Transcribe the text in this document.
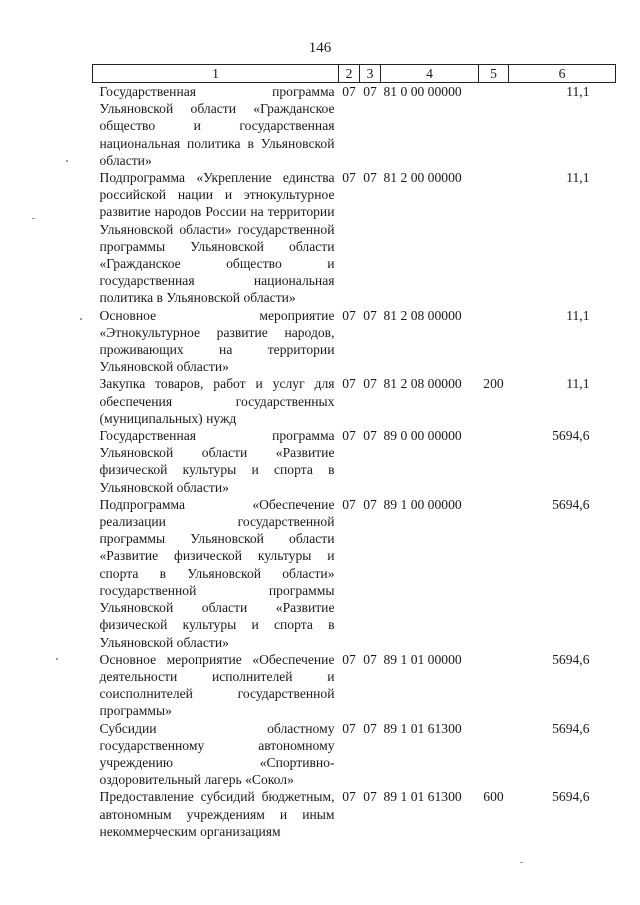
146
1	2	3	4	5	6
Государственная программа Ульяновской области «Гражданское общество и государственная национальная политика в Ульяновской области»	07	07	81 0 00 00000		11,1
Подпрограмма «Укрепление единства российской нации и этнокультурное развитие народов России на территории Ульяновской области» государственной программы Ульяновской области «Гражданское общество и государственная национальная политика в Ульяновской области»	07	07	81 2 00 00000		11,1
Основное мероприятие «Этнокультурное развитие народов, проживающих на территории Ульяновской области»	07	07	81 2 08 00000		11,1
Закупка товаров, работ и услуг для обеспечения государственных (муниципальных) нужд	07	07	81 2 08 00000	200	11,1
Государственная программа Ульяновской области «Развитие физической культуры и спорта в Ульяновской области»	07	07	89 0 00 00000		5694,6
Подпрограмма «Обеспечение реализации государственной программы Ульяновской области «Развитие физической культуры и спорта в Ульяновской области» государственной программы Ульяновской области «Развитие физической культуры и спорта в Ульяновской области»	07	07	89 1 00 00000		5694,6
Основное мероприятие «Обеспечение деятельности исполнителей и соисполнителей государственной программы»	07	07	89 1 01 00000		5694,6
Субсидии областному государственному автономному учреждению «Спортивно-оздоровительный лагерь «Сокол»	07	07	89 1 01 61300		5694,6
Предоставление субсидий бюджетным, автономным учреждениям и иным некоммерческим организациям	07	07	89 1 01 61300	600	5694,6
